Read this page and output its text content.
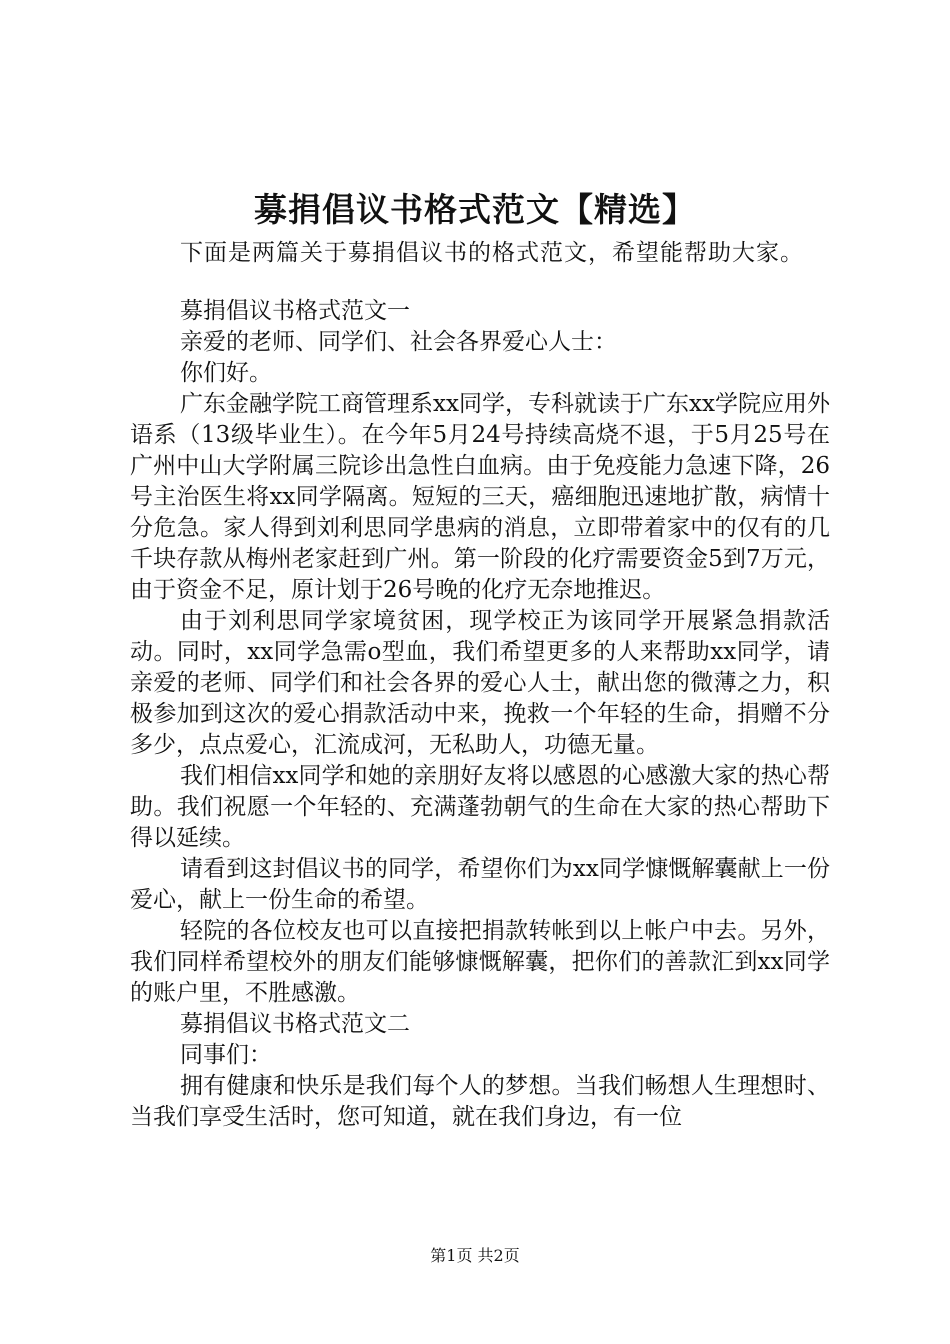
募捐倡议书格式范文【精选】
下面是两篇关于募捐倡议书的格式范文，希望能帮助大家。

募捐倡议书格式范文一

亲爱的老师、同学们、社会各界爱心人士：

你们好。

广东金融学院工商管理系xx同学，专科就读于广东xx学院应用外语系（13级毕业生）。在今年5月24号持续高烧不退，于5月25号在广州中山大学附属三院诊出急性白血病。由于免疫能力急速下降，26号主治医生将xx同学隔离。短短的三天，癌细胞迅速地扩散，病情十分危急。家人得到刘利思同学患病的消息，立即带着家中的仅有的几千块存款从梅州老家赶到广州。第一阶段的化疗需要资金5到7万元，由于资金不足，原计划于26号晚的化疗无奈地推迟。

由于刘利思同学家境贫困，现学校正为该同学开展紧急捐款活动。同时，xx同学急需o型血，我们希望更多的人来帮助xx同学，请亲爱的老师、同学们和社会各界的爱心人士，献出您的微薄之力，积极参加到这次的爱心捐款活动中来，挽救一个年轻的生命，捐赠不分多少，点点爱心，汇流成河，无私助人，功德无量。

我们相信xx同学和她的亲朋好友将以感恩的心感激大家的热心帮助。我们祝愿一个年轻的、充满蓬勃朝气的生命在大家的热心帮助下得以延续。

请看到这封倡议书的同学，希望你们为xx同学慷慨解囊献上一份爱心，献上一份生命的希望。

轻院的各位校友也可以直接把捐款转帐到以上帐户中去。另外，我们同样希望校外的朋友们能够慷慨解囊，把你们的善款汇到xx同学的账户里，不胜感激。

募捐倡议书格式范文二

同事们：

拥有健康和快乐是我们每个人的梦想。当我们畅想人生理想时、当我们享受生活时，您可知道，就在我们身边，有一位

第1页 共2页
